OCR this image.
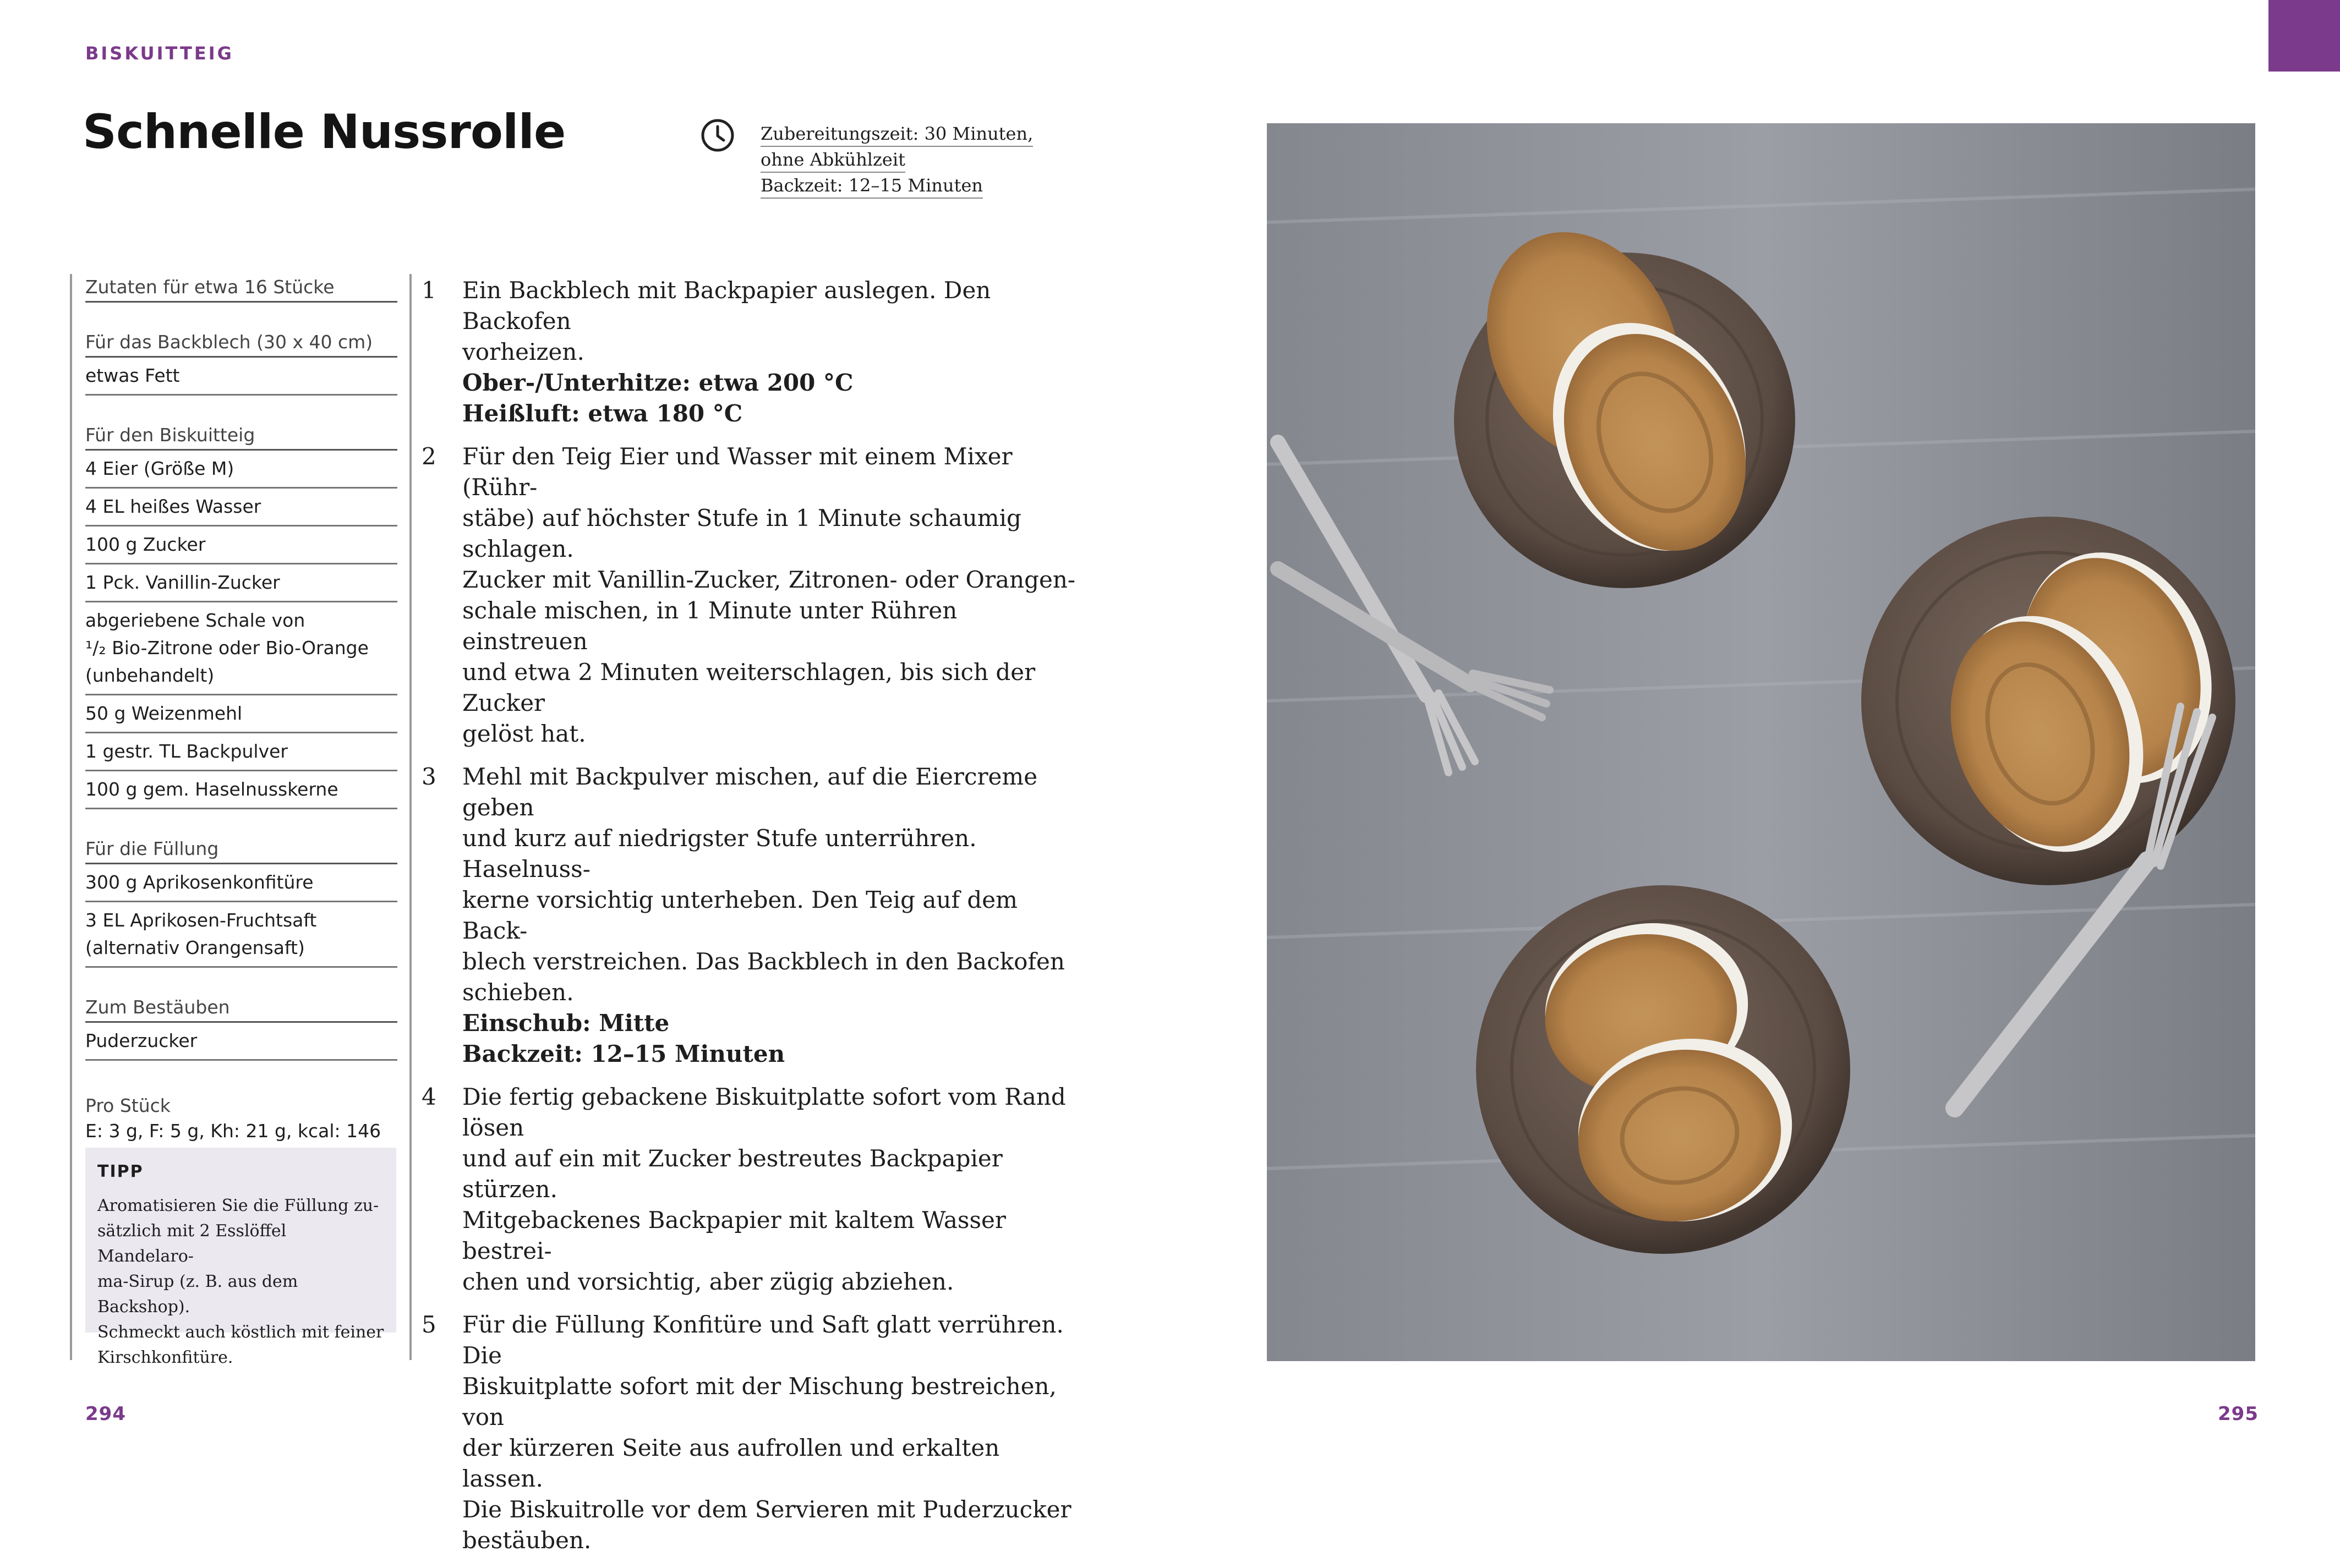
BISKUITTEIG
Schnelle Nussrolle	Zubereitungszeit: 30 Minuten,
ohne Abkühlzeit
Backzeit: 12–15 Minuten
Zutaten für etwa 16 Stücke
Für das Backblech (30 x 40 cm)
etwas Fett
Für den Biskuitteig
4 Eier (Größe M)
4 EL heißes Wasser
100 g Zucker
1 Pck. Vanillin-Zucker
abgeriebene Schale von
¹/₂ Bio-Zitrone oder Bio-Orange
(unbehandelt)
50 g Weizenmehl
1 gestr. TL Backpulver
100 g gem. Haselnusskerne
Für die Füllung
300 g Aprikosenkonfitüre
3 EL Aprikosen-Fruchtsaft
(alternativ Orangensaft)
Zum Bestäuben
Puderzucker
Pro Stück
E: 3 g, F: 5 g, Kh: 21 g, kcal: 146
TIPP
Aromatisieren Sie die Füllung zu-
sätzlich mit 2 Esslöffel Mandelaro-
ma-Sirup (z. B. aus dem Backshop).
Schmeckt auch köstlich mit feiner
Kirschkonfitüre.
1 Ein Backblech mit Backpapier auslegen. Den Backofen
vorheizen.
Ober-/Unterhitze: etwa 200 °C
Heißluft: etwa 180 °C
2 Für den Teig Eier und Wasser mit einem Mixer (Rühr-
stäbe) auf höchster Stufe in 1 Minute schaumig schlagen.
Zucker mit Vanillin-Zucker, Zitronen- oder Orangen-
schale mischen, in 1 Minute unter Rühren einstreuen
und etwa 2 Minuten weiterschlagen, bis sich der Zucker
gelöst hat.
3 Mehl mit Backpulver mischen, auf die Eiercreme geben
und kurz auf niedrigster Stufe unterrühren. Haselnuss-
kerne vorsichtig unterheben. Den Teig auf dem Back-
blech verstreichen. Das Backblech in den Backofen
schieben.
Einschub: Mitte
Backzeit: 12–15 Minuten
4 Die fertig gebackene Biskuitplatte sofort vom Rand lösen
und auf ein mit Zucker bestreutes Backpapier stürzen.
Mitgebackenes Backpapier mit kaltem Wasser bestrei-
chen und vorsichtig, aber zügig abziehen.
5 Für die Füllung Konfitüre und Saft glatt verrühren. Die
Biskuitplatte sofort mit der Mischung bestreichen, von
der kürzeren Seite aus aufrollen und erkalten lassen.
Die Biskuitrolle vor dem Servieren mit Puderzucker
bestäuben.
294	295
